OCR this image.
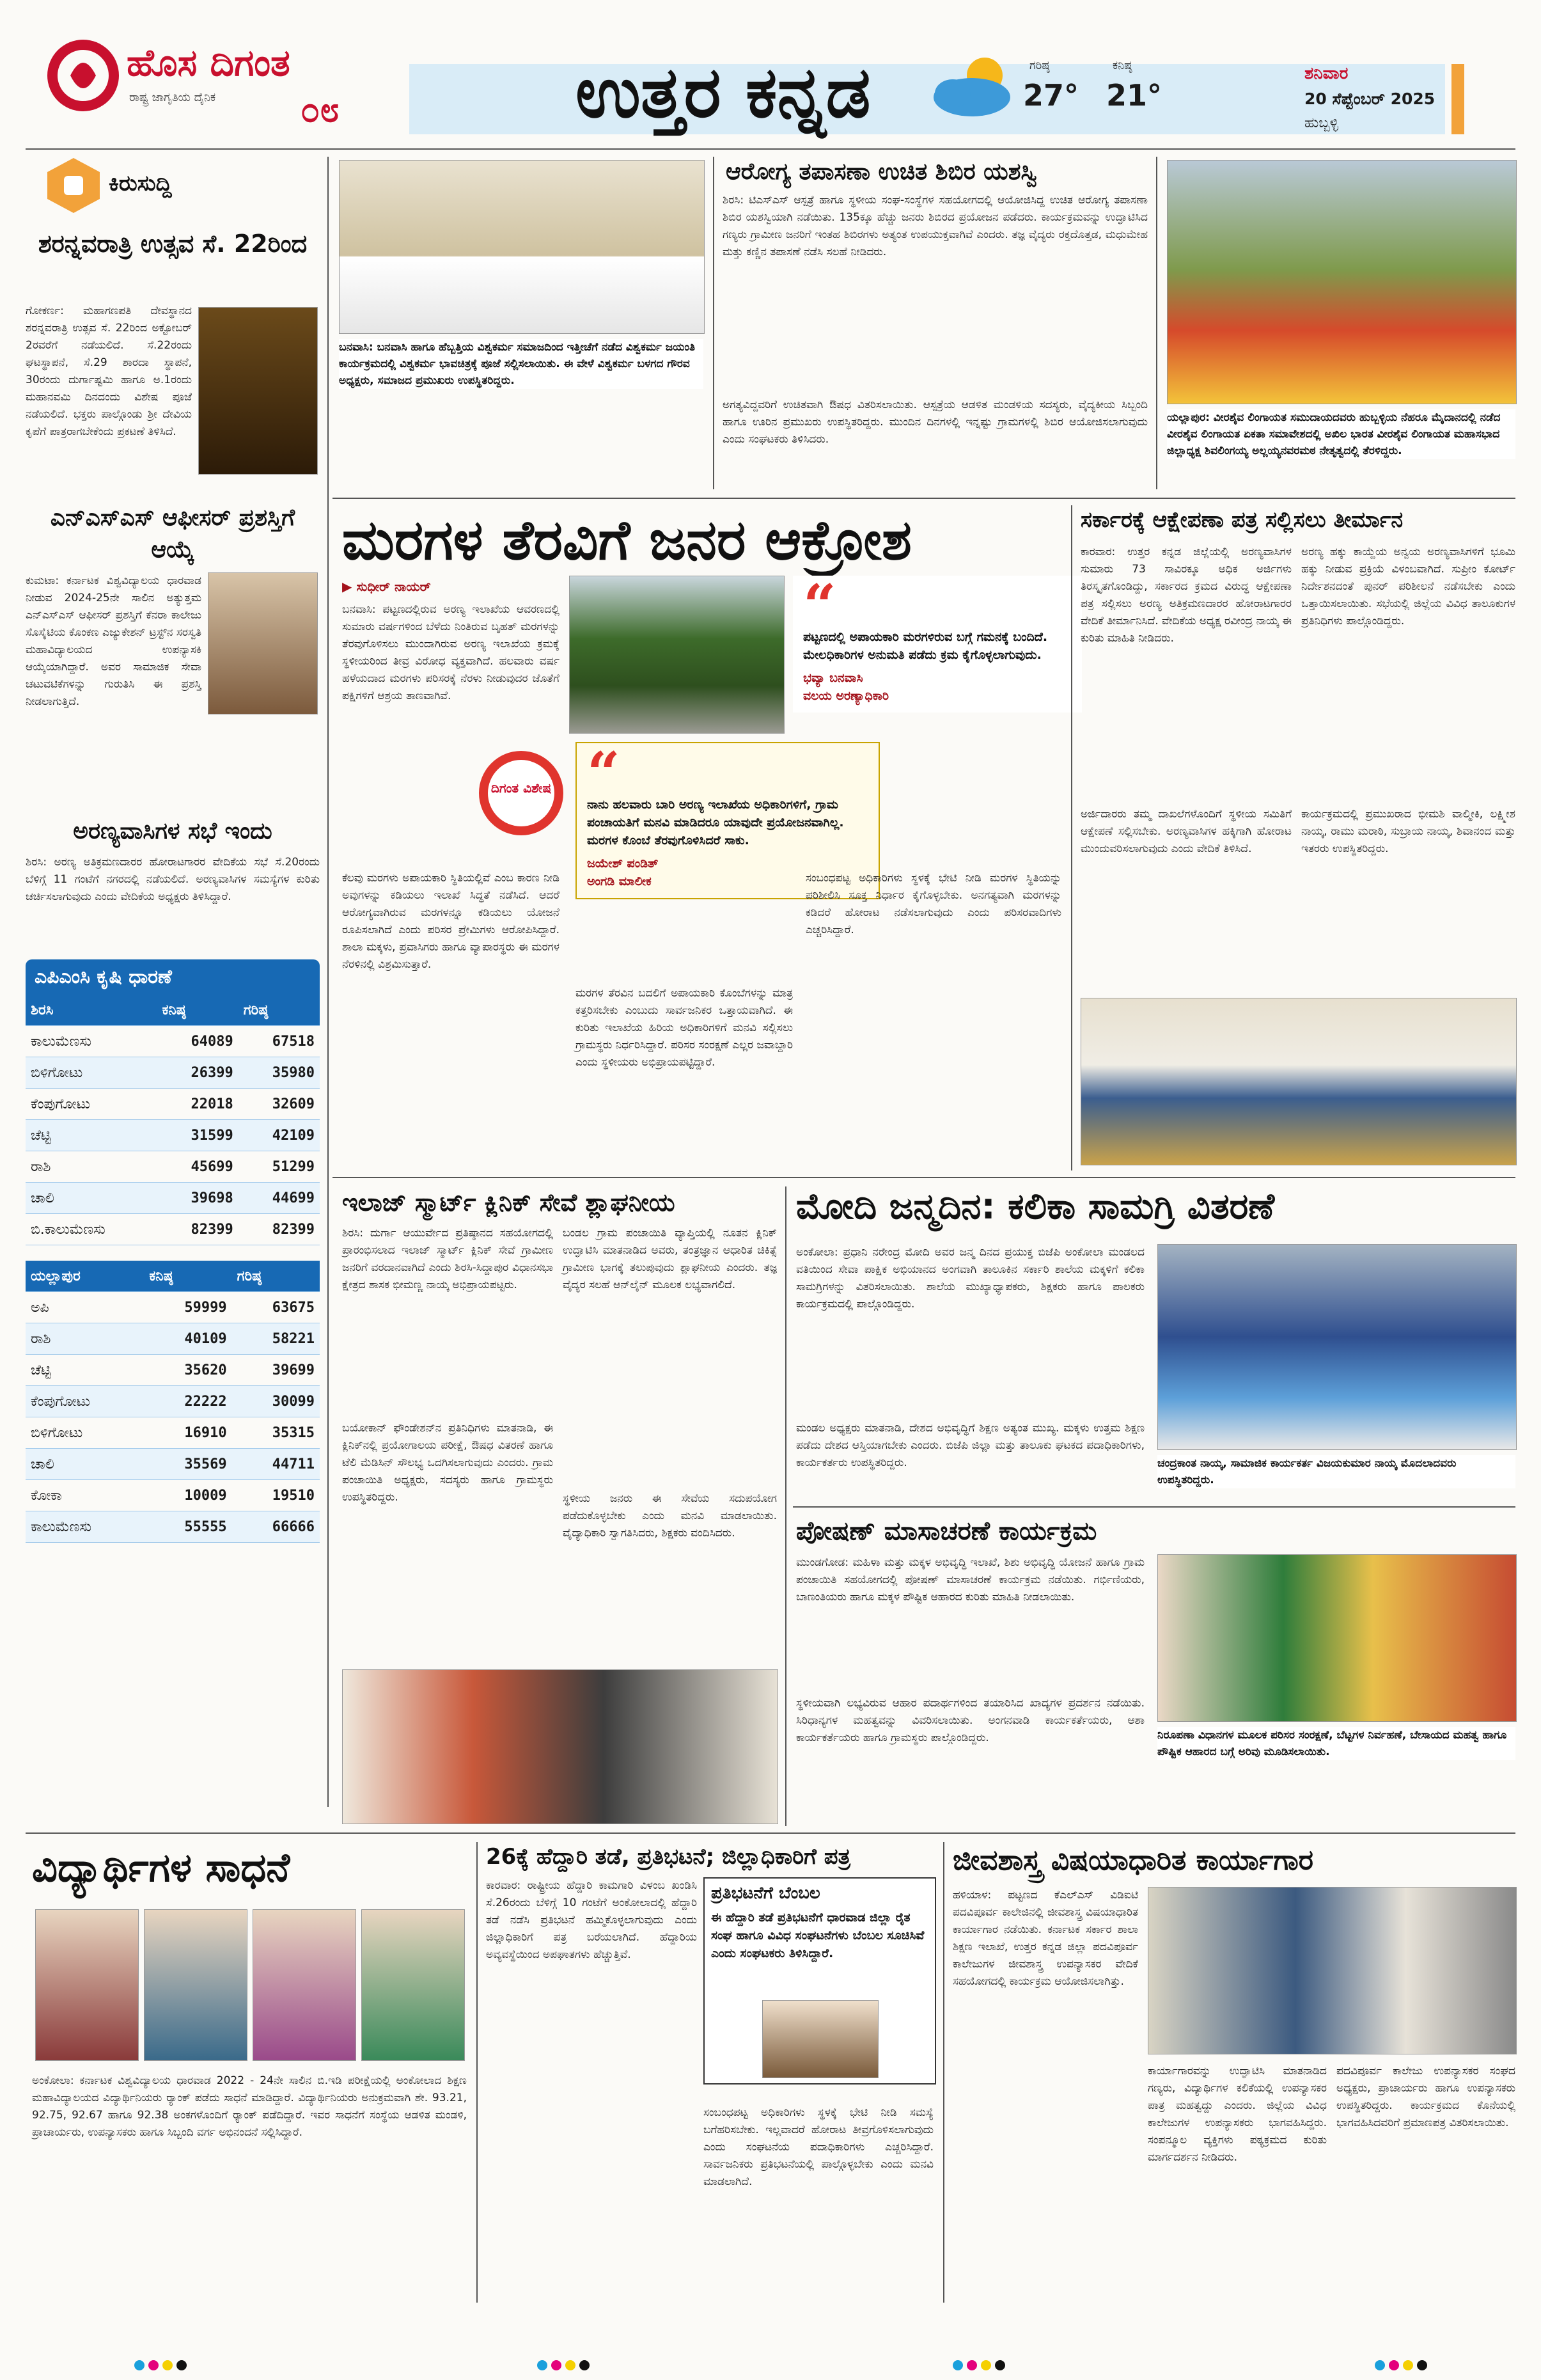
ಹೊಸ ದಿಗಂತ
ರಾಷ್ಟ್ರ ಜಾಗೃತಿಯ ದೈನಿಕ ೦೮	ಉತ್ತರ ಕನ್ನಡ	ಗರಿಷ್ಠ
27°
ಕನಿಷ್ಠ
21°
ಶನಿವಾರ
20 ಸೆಪ್ಟೆಂಬರ್ 2025
ಹುಬ್ಬಳ್ಳಿ
ಕಿರುಸುದ್ದಿ
ಶರನ್ನವರಾತ್ರಿ ಉತ್ಸವ ಸೆ. 22ರಿಂದ
ಗೋಕರ್ಣ: ಮಹಾಗಣಪತಿ ದೇವಸ್ಥಾನದ ಶರನ್ನವರಾತ್ರಿ ಉತ್ಸವ ಸೆ. 22ರಿಂದ ಅಕ್ಟೋಬರ್ 2ರವರೆಗೆ ನಡೆಯಲಿದೆ. ಸೆ.22ರಂದು ಘಟಸ್ಥಾಪನೆ, ಸೆ.29 ಶಾರದಾ ಸ್ಥಾಪನೆ, 30ರಂದು ದುರ್ಗಾಷ್ಟಮಿ ಹಾಗೂ ಅ.1ರಂದು ಮಹಾನವಮಿ ದಿನದಂದು ವಿಶೇಷ ಪೂಜೆ ನಡೆಯಲಿದೆ. ಭಕ್ತರು ಪಾಲ್ಗೊಂಡು ಶ್ರೀ ದೇವಿಯ ಕೃಪೆಗೆ ಪಾತ್ರರಾಗಬೇಕೆಂದು ಪ್ರಕಟಣೆ ತಿಳಿಸಿದೆ.
ಎನ್‌ಎಸ್‌ಎಸ್ ಆಫೀಸರ್ ಪ್ರಶಸ್ತಿಗೆ ಆಯ್ಕೆ
ಕುಮಟಾ: ಕರ್ನಾಟಕ ವಿಶ್ವವಿದ್ಯಾಲಯ ಧಾರವಾಡ ನೀಡುವ 2024-25ನೇ ಸಾಲಿನ ಅತ್ಯುತ್ತಮ ಎನ್‌ಎಸ್‌ಎಸ್ ಆಫೀಸರ್ ಪ್ರಶಸ್ತಿಗೆ ಕೆನರಾ ಕಾಲೇಜು ಸೊಸೈಟಿಯ ಕೊಂಕಣ ಎಜ್ಯುಕೇಶನ್ ಟ್ರಸ್ಟ್‌ನ ಸರಸ್ವತಿ ಮಹಾವಿದ್ಯಾಲಯದ ಉಪನ್ಯಾಸಕಿ ಆಯ್ಕೆಯಾಗಿದ್ದಾರೆ. ಅವರ ಸಾಮಾಜಿಕ ಸೇವಾ ಚಟುವಟಿಕೆಗಳನ್ನು ಗುರುತಿಸಿ ಈ ಪ್ರಶಸ್ತಿ ನೀಡಲಾಗುತ್ತಿದೆ.
ಅರಣ್ಯವಾಸಿಗಳ ಸಭೆ ಇಂದು
ಶಿರಸಿ: ಅರಣ್ಯ ಅತಿಕ್ರಮಣದಾರರ ಹೋರಾಟಗಾರರ ವೇದಿಕೆಯ ಸಭೆ ಸೆ.20ರಂದು ಬೆಳಿಗ್ಗೆ 11 ಗಂಟೆಗೆ ನಗರದಲ್ಲಿ ನಡೆಯಲಿದೆ. ಅರಣ್ಯವಾಸಿಗಳ ಸಮಸ್ಯೆಗಳ ಕುರಿತು ಚರ್ಚಿಸಲಾಗುವುದು ಎಂದು ವೇದಿಕೆಯ ಅಧ್ಯಕ್ಷರು ತಿಳಿಸಿದ್ದಾರೆ.
ಎಪಿಎಂಸಿ ಕೃಷಿ ಧಾರಣೆ
ಶಿರಸಿ	ಕನಿಷ್ಠ	ಗರಿಷ್ಠ
ಕಾಲುಮೆಣಸು	64089	67518
ಬಿಳಿಗೋಟು	26399	35980
ಕೆಂಪುಗೋಟು	22018	32609
ಚೆಟ್ಟಿ	31599	42109
ರಾಶಿ	45699	51299
ಚಾಲಿ	39698	44699
ಬಿ.ಕಾಲುಮೆಣಸು	82399	82399
ಯಲ್ಲಾಪುರ	ಕನಿಷ್ಠ	ಗರಿಷ್ಠ
ಅಪಿ	59999	63675
ರಾಶಿ	40109	58221
ಚೆಟ್ಟಿ	35620	39699
ಕೆಂಪುಗೋಟು	22222	30099
ಬಿಳಿಗೋಟು	16910	35315
ಚಾಲಿ	35569	44711
ಕೋಕಾ	10009	19510
ಕಾಲುಮೆಣಸು	55555	66666
ಬನವಾಸಿ: ಬನವಾಸಿ ಹಾಗೂ ಹೆಬ್ಬತ್ತಿಯ ವಿಶ್ವಕರ್ಮ ಸಮಾಜದಿಂದ ಇತ್ತೀಚೆಗೆ ನಡೆದ ವಿಶ್ವಕರ್ಮ ಜಯಂತಿ ಕಾರ್ಯಕ್ರಮದಲ್ಲಿ ವಿಶ್ವಕರ್ಮ ಭಾವಚಿತ್ರಕ್ಕೆ ಪೂಜೆ ಸಲ್ಲಿಸಲಾಯಿತು. ಈ ವೇಳೆ ವಿಶ್ವಕರ್ಮ ಬಳಗದ ಗೌರವ ಅಧ್ಯಕ್ಷರು, ಸಮಾಜದ ಪ್ರಮುಖರು ಉಪಸ್ಥಿತರಿದ್ದರು.
ಆರೋಗ್ಯ ತಪಾಸಣಾ ಉಚಿತ ಶಿಬಿರ ಯಶಸ್ವಿ
ಶಿರಸಿ: ಟಿಎಸ್‌ಎಸ್ ಆಸ್ಪತ್ರೆ ಹಾಗೂ ಸ್ಥಳೀಯ ಸಂಘ-ಸಂಸ್ಥೆಗಳ ಸಹಯೋಗದಲ್ಲಿ ಆಯೋಜಿಸಿದ್ದ ಉಚಿತ ಆರೋಗ್ಯ ತಪಾಸಣಾ ಶಿಬಿರ ಯಶಸ್ವಿಯಾಗಿ ನಡೆಯಿತು. 135ಕ್ಕೂ ಹೆಚ್ಚು ಜನರು ಶಿಬಿರದ ಪ್ರಯೋಜನ ಪಡೆದರು. ಕಾರ್ಯಕ್ರಮವನ್ನು ಉದ್ಘಾಟಿಸಿದ ಗಣ್ಯರು ಗ್ರಾಮೀಣ ಜನರಿಗೆ ಇಂತಹ ಶಿಬಿರಗಳು ಅತ್ಯಂತ ಉಪಯುಕ್ತವಾಗಿವೆ ಎಂದರು. ತಜ್ಞ ವೈದ್ಯರು ರಕ್ತದೊತ್ತಡ, ಮಧುಮೇಹ ಮತ್ತು ಕಣ್ಣಿನ ತಪಾಸಣೆ ನಡೆಸಿ ಸಲಹೆ ನೀಡಿದರು.
ಅಗತ್ಯವಿದ್ದವರಿಗೆ ಉಚಿತವಾಗಿ ಔಷಧ ವಿತರಿಸಲಾಯಿತು. ಆಸ್ಪತ್ರೆಯ ಆಡಳಿತ ಮಂಡಳಿಯ ಸದಸ್ಯರು, ವೈದ್ಯಕೀಯ ಸಿಬ್ಬಂದಿ ಹಾಗೂ ಊರಿನ ಪ್ರಮುಖರು ಉಪಸ್ಥಿತರಿದ್ದರು. ಮುಂದಿನ ದಿನಗಳಲ್ಲಿ ಇನ್ನಷ್ಟು ಗ್ರಾಮಗಳಲ್ಲಿ ಶಿಬಿರ ಆಯೋಜಿಸಲಾಗುವುದು ಎಂದು ಸಂಘಟಕರು ತಿಳಿಸಿದರು.
ಯಲ್ಲಾಪುರ: ವೀರಶೈವ ಲಿಂಗಾಯತ ಸಮುದಾಯದವರು ಹುಬ್ಬಳ್ಳಿಯ ನೆಹರೂ ಮೈದಾನದಲ್ಲಿ ನಡೆದ ವೀರಶೈವ ಲಿಂಗಾಯತ ಏಕತಾ ಸಮಾವೇಶದಲ್ಲಿ ಅಖಿಲ ಭಾರತ ವೀರಶೈವ ಲಿಂಗಾಯತ ಮಹಾಸಭಾದ ಜಿಲ್ಲಾಧ್ಯಕ್ಷ ಶಿವಲಿಂಗಯ್ಯ ಅಲ್ಲಯ್ಯನವರಮಠ ನೇತೃತ್ವದಲ್ಲಿ ತೆರಳಿದ್ದರು.
ಮರಗಳ ತೆರವಿಗೆ ಜನರ ಆಕ್ರೋಶ
▶ ಸುಧೀರ್ ನಾಯರ್
ಬನವಾಸಿ: ಪಟ್ಟಣದಲ್ಲಿರುವ ಅರಣ್ಯ ಇಲಾಖೆಯ ಆವರಣದಲ್ಲಿ ಸುಮಾರು ವರ್ಷಗಳಿಂದ ಬೆಳೆದು ನಿಂತಿರುವ ಬೃಹತ್ ಮರಗಳನ್ನು ತೆರವುಗೊಳಿಸಲು ಮುಂದಾಗಿರುವ ಅರಣ್ಯ ಇಲಾಖೆಯ ಕ್ರಮಕ್ಕೆ ಸ್ಥಳೀಯರಿಂದ ತೀವ್ರ ವಿರೋಧ ವ್ಯಕ್ತವಾಗಿದೆ. ಹಲವಾರು ವರ್ಷ ಹಳೆಯದಾದ ಮರಗಳು ಪರಿಸರಕ್ಕೆ ನೆರಳು ನೀಡುವುದರ ಜೊತೆಗೆ ಪಕ್ಷಿಗಳಿಗೆ ಆಶ್ರಯ ತಾಣವಾಗಿವೆ.
ದಿಗಂತ ವಿಶೇಷ “
ನಾನು ಹಲವಾರು ಬಾರಿ ಅರಣ್ಯ ಇಲಾಖೆಯ ಅಧಿಕಾರಿಗಳಿಗೆ, ಗ್ರಾಮ ಪಂಚಾಯತಿಗೆ ಮನವಿ ಮಾಡಿದರೂ ಯಾವುದೇ ಪ್ರಯೋಜನವಾಗಿಲ್ಲ. ಮರಗಳ ಕೊಂಬೆ ತೆರವುಗೊಳಿಸಿದರೆ ಸಾಕು.
ಜಯೇಶ್ ಪಂಡಿತ್
ಅಂಗಡಿ ಮಾಲೀಕ
“
ಪಟ್ಟಣದಲ್ಲಿ ಅಪಾಯಕಾರಿ ಮರಗಳಿರುವ ಬಗ್ಗೆ ಗಮನಕ್ಕೆ ಬಂದಿದೆ. ಮೇಲಧಿಕಾರಿಗಳ ಅನುಮತಿ ಪಡೆದು ಕ್ರಮ ಕೈಗೊಳ್ಳಲಾಗುವುದು.
ಭವ್ಯಾ ಬನವಾಸಿ
ವಲಯ ಅರಣ್ಯಾಧಿಕಾರಿ
ಕೆಲವು ಮರಗಳು ಅಪಾಯಕಾರಿ ಸ್ಥಿತಿಯಲ್ಲಿವೆ ಎಂಬ ಕಾರಣ ನೀಡಿ ಅವುಗಳನ್ನು ಕಡಿಯಲು ಇಲಾಖೆ ಸಿದ್ಧತೆ ನಡೆಸಿದೆ. ಆದರೆ ಆರೋಗ್ಯವಾಗಿರುವ ಮರಗಳನ್ನೂ ಕಡಿಯಲು ಯೋಜನೆ ರೂಪಿಸಲಾಗಿದೆ ಎಂದು ಪರಿಸರ ಪ್ರೇಮಿಗಳು ಆರೋಪಿಸಿದ್ದಾರೆ. ಶಾಲಾ ಮಕ್ಕಳು, ಪ್ರವಾಸಿಗರು ಹಾಗೂ ವ್ಯಾಪಾರಸ್ಥರು ಈ ಮರಗಳ ನೆರಳಿನಲ್ಲಿ ವಿಶ್ರಮಿಸುತ್ತಾರೆ.
ಮರಗಳ ತೆರವಿನ ಬದಲಿಗೆ ಅಪಾಯಕಾರಿ ಕೊಂಬೆಗಳನ್ನು ಮಾತ್ರ ಕತ್ತರಿಸಬೇಕು ಎಂಬುದು ಸಾರ್ವಜನಿಕರ ಒತ್ತಾಯವಾಗಿದೆ. ಈ ಕುರಿತು ಇಲಾಖೆಯ ಹಿರಿಯ ಅಧಿಕಾರಿಗಳಿಗೆ ಮನವಿ ಸಲ್ಲಿಸಲು ಗ್ರಾಮಸ್ಥರು ನಿರ್ಧರಿಸಿದ್ದಾರೆ. ಪರಿಸರ ಸಂರಕ್ಷಣೆ ಎಲ್ಲರ ಜವಾಬ್ದಾರಿ ಎಂದು ಸ್ಥಳೀಯರು ಅಭಿಪ್ರಾಯಪಟ್ಟಿದ್ದಾರೆ.
ಸಂಬಂಧಪಟ್ಟ ಅಧಿಕಾರಿಗಳು ಸ್ಥಳಕ್ಕೆ ಭೇಟಿ ನೀಡಿ ಮರಗಳ ಸ್ಥಿತಿಯನ್ನು ಪರಿಶೀಲಿಸಿ ಸೂಕ್ತ ನಿರ್ಧಾರ ಕೈಗೊಳ್ಳಬೇಕು. ಅನಗತ್ಯವಾಗಿ ಮರಗಳನ್ನು ಕಡಿದರೆ ಹೋರಾಟ ನಡೆಸಲಾಗುವುದು ಎಂದು ಪರಿಸರವಾದಿಗಳು ಎಚ್ಚರಿಸಿದ್ದಾರೆ.
ಸರ್ಕಾರಕ್ಕೆ ಆಕ್ಷೇಪಣಾ ಪತ್ರ ಸಲ್ಲಿಸಲು ತೀರ್ಮಾನ
ಕಾರವಾರ: ಉತ್ತರ ಕನ್ನಡ ಜಿಲ್ಲೆಯಲ್ಲಿ ಅರಣ್ಯವಾಸಿಗಳ ಸುಮಾರು 73 ಸಾವಿರಕ್ಕೂ ಅಧಿಕ ಅರ್ಜಿಗಳು ತಿರಸ್ಕೃತಗೊಂಡಿದ್ದು, ಸರ್ಕಾರದ ಕ್ರಮದ ವಿರುದ್ಧ ಆಕ್ಷೇಪಣಾ ಪತ್ರ ಸಲ್ಲಿಸಲು ಅರಣ್ಯ ಅತಿಕ್ರಮಣದಾರರ ಹೋರಾಟಗಾರರ ವೇದಿಕೆ ತೀರ್ಮಾನಿಸಿದೆ. ವೇದಿಕೆಯ ಅಧ್ಯಕ್ಷ ರವೀಂದ್ರ ನಾಯ್ಕ ಈ ಕುರಿತು ಮಾಹಿತಿ ನೀಡಿದರು.
ಅರಣ್ಯ ಹಕ್ಕು ಕಾಯ್ದೆಯ ಅನ್ವಯ ಅರಣ್ಯವಾಸಿಗಳಿಗೆ ಭೂಮಿ ಹಕ್ಕು ನೀಡುವ ಪ್ರಕ್ರಿಯೆ ವಿಳಂಬವಾಗಿದೆ. ಸುಪ್ರೀಂ ಕೋರ್ಟ್ ನಿರ್ದೇಶನದಂತೆ ಪುನರ್ ಪರಿಶೀಲನೆ ನಡೆಸಬೇಕು ಎಂದು ಒತ್ತಾಯಿಸಲಾಯಿತು. ಸಭೆಯಲ್ಲಿ ಜಿಲ್ಲೆಯ ವಿವಿಧ ತಾಲೂಕುಗಳ ಪ್ರತಿನಿಧಿಗಳು ಪಾಲ್ಗೊಂಡಿದ್ದರು.
ಅರ್ಜಿದಾರರು ತಮ್ಮ ದಾಖಲೆಗಳೊಂದಿಗೆ ಸ್ಥಳೀಯ ಸಮಿತಿಗೆ ಆಕ್ಷೇಪಣೆ ಸಲ್ಲಿಸಬೇಕು. ಅರಣ್ಯವಾಸಿಗಳ ಹಕ್ಕಿಗಾಗಿ ಹೋರಾಟ ಮುಂದುವರಿಸಲಾಗುವುದು ಎಂದು ವೇದಿಕೆ ತಿಳಿಸಿದೆ.
ಕಾರ್ಯಕ್ರಮದಲ್ಲಿ ಪ್ರಮುಖರಾದ ಭೀಮಶಿ ವಾಲ್ಮೀಕಿ, ಲಕ್ಷ್ಮೀಶ ನಾಯ್ಕ, ರಾಮು ಮರಾಠಿ, ಸುಬ್ರಾಯ ನಾಯ್ಕ, ಶಿವಾನಂದ ಮತ್ತು ಇತರರು ಉಪಸ್ಥಿತರಿದ್ದರು.
ಇಲಾಜ್ ಸ್ಮಾರ್ಟ್ ಕ್ಲಿನಿಕ್ ಸೇವೆ ಶ್ಲಾಘನೀಯ
ಶಿರಸಿ: ದುರ್ಗಾ ಆಯುರ್ವೇದ ಪ್ರತಿಷ್ಠಾನದ ಸಹಯೋಗದಲ್ಲಿ ಪ್ರಾರಂಭಿಸಲಾದ ಇಲಾಜ್ ಸ್ಮಾರ್ಟ್ ಕ್ಲಿನಿಕ್ ಸೇವೆ ಗ್ರಾಮೀಣ ಜನರಿಗೆ ವರದಾನವಾಗಿದೆ ಎಂದು ಶಿರಸಿ-ಸಿದ್ದಾಪುರ ವಿಧಾನಸಭಾ ಕ್ಷೇತ್ರದ ಶಾಸಕ ಭೀಮಣ್ಣ ನಾಯ್ಕ ಅಭಿಪ್ರಾಯಪಟ್ಟರು.
ಬಂಡಲ ಗ್ರಾಮ ಪಂಚಾಯಿತಿ ವ್ಯಾಪ್ತಿಯಲ್ಲಿ ನೂತನ ಕ್ಲಿನಿಕ್ ಉದ್ಘಾಟಿಸಿ ಮಾತನಾಡಿದ ಅವರು, ತಂತ್ರಜ್ಞಾನ ಆಧಾರಿತ ಚಿಕಿತ್ಸೆ ಗ್ರಾಮೀಣ ಭಾಗಕ್ಕೆ ತಲುಪುವುದು ಶ್ಲಾಘನೀಯ ಎಂದರು. ತಜ್ಞ ವೈದ್ಯರ ಸಲಹೆ ಆನ್‌ಲೈನ್ ಮೂಲಕ ಲಭ್ಯವಾಗಲಿದೆ.
ಬಯೋಕಾನ್ ಫೌಂಡೇಶನ್‌ನ ಪ್ರತಿನಿಧಿಗಳು ಮಾತನಾಡಿ, ಈ ಕ್ಲಿನಿಕ್‌ನಲ್ಲಿ ಪ್ರಯೋಗಾಲಯ ಪರೀಕ್ಷೆ, ಔಷಧ ವಿತರಣೆ ಹಾಗೂ ಟೆಲಿ ಮೆಡಿಸಿನ್ ಸೌಲಭ್ಯ ಒದಗಿಸಲಾಗುವುದು ಎಂದರು. ಗ್ರಾಮ ಪಂಚಾಯಿತಿ ಅಧ್ಯಕ್ಷರು, ಸದಸ್ಯರು ಹಾಗೂ ಗ್ರಾಮಸ್ಥರು ಉಪಸ್ಥಿತರಿದ್ದರು.	ಸ್ಥಳೀಯ ಜನರು ಈ ಸೇವೆಯ ಸದುಪಯೋಗ ಪಡೆದುಕೊಳ್ಳಬೇಕು ಎಂದು ಮನವಿ ಮಾಡಲಾಯಿತು. ವೈದ್ಯಾಧಿಕಾರಿ ಸ್ವಾಗತಿಸಿದರು, ಶಿಕ್ಷಕರು ವಂದಿಸಿದರು.
ಮೋದಿ ಜನ್ಮದಿನ: ಕಲಿಕಾ ಸಾಮಗ್ರಿ ವಿತರಣೆ
ಅಂಕೋಲಾ: ಪ್ರಧಾನಿ ನರೇಂದ್ರ ಮೋದಿ ಅವರ ಜನ್ಮ ದಿನದ ಪ್ರಯುಕ್ತ ಬಿಜೆಪಿ ಅಂಕೋಲಾ ಮಂಡಲದ ವತಿಯಿಂದ ಸೇವಾ ಪಾಕ್ಷಿಕ ಅಭಿಯಾನದ ಅಂಗವಾಗಿ ತಾಲೂಕಿನ ಸರ್ಕಾರಿ ಶಾಲೆಯ ಮಕ್ಕಳಿಗೆ ಕಲಿಕಾ ಸಾಮಗ್ರಿಗಳನ್ನು ವಿತರಿಸಲಾಯಿತು. ಶಾಲೆಯ ಮುಖ್ಯಾಧ್ಯಾಪಕರು, ಶಿಕ್ಷಕರು ಹಾಗೂ ಪಾಲಕರು ಕಾರ್ಯಕ್ರಮದಲ್ಲಿ ಪಾಲ್ಗೊಂಡಿದ್ದರು.
ಮಂಡಲ ಅಧ್ಯಕ್ಷರು ಮಾತನಾಡಿ, ದೇಶದ ಅಭಿವೃದ್ಧಿಗೆ ಶಿಕ್ಷಣ ಅತ್ಯಂತ ಮುಖ್ಯ. ಮಕ್ಕಳು ಉತ್ತಮ ಶಿಕ್ಷಣ ಪಡೆದು ದೇಶದ ಆಸ್ತಿಯಾಗಬೇಕು ಎಂದರು. ಬಿಜೆಪಿ ಜಿಲ್ಲಾ ಮತ್ತು ತಾಲೂಕು ಘಟಕದ ಪದಾಧಿಕಾರಿಗಳು, ಕಾರ್ಯಕರ್ತರು ಉಪಸ್ಥಿತರಿದ್ದರು.	ಚಂದ್ರಕಾಂತ ನಾಯ್ಕ, ಸಾಮಾಜಿಕ ಕಾರ್ಯಕರ್ತ ವಿಜಯಕುಮಾರ ನಾಯ್ಕ ಮೊದಲಾದವರು ಉಪಸ್ಥಿತರಿದ್ದರು.
ಪೋಷಣ್ ಮಾಸಾಚರಣೆ ಕಾರ್ಯಕ್ರಮ
ಮುಂಡಗೋಡ: ಮಹಿಳಾ ಮತ್ತು ಮಕ್ಕಳ ಅಭಿವೃದ್ಧಿ ಇಲಾಖೆ, ಶಿಶು ಅಭಿವೃದ್ಧಿ ಯೋಜನೆ ಹಾಗೂ ಗ್ರಾಮ ಪಂಚಾಯಿತಿ ಸಹಯೋಗದಲ್ಲಿ ಪೋಷಣ್ ಮಾಸಾಚರಣೆ ಕಾರ್ಯಕ್ರಮ ನಡೆಯಿತು. ಗರ್ಭಿಣಿಯರು, ಬಾಣಂತಿಯರು ಹಾಗೂ ಮಕ್ಕಳ ಪೌಷ್ಟಿಕ ಆಹಾರದ ಕುರಿತು ಮಾಹಿತಿ ನೀಡಲಾಯಿತು.
ಸ್ಥಳೀಯವಾಗಿ ಲಭ್ಯವಿರುವ ಆಹಾರ ಪದಾರ್ಥಗಳಿಂದ ತಯಾರಿಸಿದ ಖಾದ್ಯಗಳ ಪ್ರದರ್ಶನ ನಡೆಯಿತು. ಸಿರಿಧಾನ್ಯಗಳ ಮಹತ್ವವನ್ನು ವಿವರಿಸಲಾಯಿತು. ಅಂಗನವಾಡಿ ಕಾರ್ಯಕರ್ತೆಯರು, ಆಶಾ ಕಾರ್ಯಕರ್ತೆಯರು ಹಾಗೂ ಗ್ರಾಮಸ್ಥರು ಪಾಲ್ಗೊಂಡಿದ್ದರು.	ನಿರೂಪಣಾ ವಿಧಾನಗಳ ಮೂಲಕ ಪರಿಸರ ಸಂರಕ್ಷಣೆ, ಬೆಟ್ಟಗಳ ನಿರ್ವಹಣೆ, ಬೇಸಾಯದ ಮಹತ್ವ ಹಾಗೂ ಪೌಷ್ಟಿಕ ಆಹಾರದ ಬಗ್ಗೆ ಅರಿವು ಮೂಡಿಸಲಾಯಿತು.
ವಿದ್ಯಾರ್ಥಿಗಳ ಸಾಧನೆ
ಅಂಕೋಲಾ: ಕರ್ನಾಟಕ ವಿಶ್ವವಿದ್ಯಾಲಯ ಧಾರವಾಡ 2022 - 24ನೇ ಸಾಲಿನ ಬಿ.ಇಡಿ ಪರೀಕ್ಷೆಯಲ್ಲಿ ಅಂಕೋಲಾದ ಶಿಕ್ಷಣ ಮಹಾವಿದ್ಯಾಲಯದ ವಿದ್ಯಾರ್ಥಿನಿಯರು ರ‍್ಯಾಂಕ್ ಪಡೆದು ಸಾಧನೆ ಮಾಡಿದ್ದಾರೆ. ವಿದ್ಯಾರ್ಥಿನಿಯರು ಅನುಕ್ರಮವಾಗಿ ಶೇ. 93.21, 92.75, 92.67 ಹಾಗೂ 92.38 ಅಂಕಗಳೊಂದಿಗೆ ರ‍್ಯಾಂಕ್ ಪಡೆದಿದ್ದಾರೆ. ಇವರ ಸಾಧನೆಗೆ ಸಂಸ್ಥೆಯ ಆಡಳಿತ ಮಂಡಳಿ, ಪ್ರಾಚಾರ್ಯರು, ಉಪನ್ಯಾಸಕರು ಹಾಗೂ ಸಿಬ್ಬಂದಿ ವರ್ಗ ಅಭಿನಂದನೆ ಸಲ್ಲಿಸಿದ್ದಾರೆ.
26ಕ್ಕೆ ಹೆದ್ದಾರಿ ತಡೆ, ಪ್ರತಿಭಟನೆ; ಜಿಲ್ಲಾಧಿಕಾರಿಗೆ ಪತ್ರ
ಕಾರವಾರ: ರಾಷ್ಟ್ರೀಯ ಹೆದ್ದಾರಿ ಕಾಮಗಾರಿ ವಿಳಂಬ ಖಂಡಿಸಿ ಸೆ.26ರಂದು ಬೆಳಿಗ್ಗೆ 10 ಗಂಟೆಗೆ ಅಂಕೋಲಾದಲ್ಲಿ ಹೆದ್ದಾರಿ ತಡೆ ನಡೆಸಿ ಪ್ರತಿಭಟನೆ ಹಮ್ಮಿಕೊಳ್ಳಲಾಗುವುದು ಎಂದು ಜಿಲ್ಲಾಧಿಕಾರಿಗೆ ಪತ್ರ ಬರೆಯಲಾಗಿದೆ. ಹೆದ್ದಾರಿಯ ಅವ್ಯವಸ್ಥೆಯಿಂದ ಅಪಘಾತಗಳು ಹೆಚ್ಚುತ್ತಿವೆ.
ಪ್ರತಿಭಟನೆಗೆ ಬೆಂಬಲ
ಈ ಹೆದ್ದಾರಿ ತಡೆ ಪ್ರತಿಭಟನೆಗೆ ಧಾರವಾಡ ಜಿಲ್ಲಾ ರೈತ ಸಂಘ ಹಾಗೂ ವಿವಿಧ ಸಂಘಟನೆಗಳು ಬೆಂಬಲ ಸೂಚಿಸಿವೆ ಎಂದು ಸಂಘಟಕರು ತಿಳಿಸಿದ್ದಾರೆ.
ಸಂಬಂಧಪಟ್ಟ ಅಧಿಕಾರಿಗಳು ಸ್ಥಳಕ್ಕೆ ಭೇಟಿ ನೀಡಿ ಸಮಸ್ಯೆ ಬಗೆಹರಿಸಬೇಕು. ಇಲ್ಲವಾದರೆ ಹೋರಾಟ ತೀವ್ರಗೊಳಿಸಲಾಗುವುದು ಎಂದು ಸಂಘಟನೆಯ ಪದಾಧಿಕಾರಿಗಳು ಎಚ್ಚರಿಸಿದ್ದಾರೆ. ಸಾರ್ವಜನಿಕರು ಪ್ರತಿಭಟನೆಯಲ್ಲಿ ಪಾಲ್ಗೊಳ್ಳಬೇಕು ಎಂದು ಮನವಿ ಮಾಡಲಾಗಿದೆ.
ಜೀವಶಾಸ್ತ್ರ ವಿಷಯಾಧಾರಿತ ಕಾರ್ಯಾಗಾರ
ಹಳಿಯಾಳ: ಪಟ್ಟಣದ ಕೆಎಲ್‌ಎಸ್ ವಿಡಿಐಟಿ ಪದವಿಪೂರ್ವ ಕಾಲೇಜಿನಲ್ಲಿ ಜೀವಶಾಸ್ತ್ರ ವಿಷಯಾಧಾರಿತ ಕಾರ್ಯಾಗಾರ ನಡೆಯಿತು. ಕರ್ನಾಟಕ ಸರ್ಕಾರ ಶಾಲಾ ಶಿಕ್ಷಣ ಇಲಾಖೆ, ಉತ್ತರ ಕನ್ನಡ ಜಿಲ್ಲಾ ಪದವಿಪೂರ್ವ ಕಾಲೇಜುಗಳ ಜೀವಶಾಸ್ತ್ರ ಉಪನ್ಯಾಸಕರ ವೇದಿಕೆ ಸಹಯೋಗದಲ್ಲಿ ಕಾರ್ಯಕ್ರಮ ಆಯೋಜಿಸಲಾಗಿತ್ತು.
ಕಾರ್ಯಾಗಾರವನ್ನು ಉದ್ಘಾಟಿಸಿ ಮಾತನಾಡಿದ ಗಣ್ಯರು, ವಿದ್ಯಾರ್ಥಿಗಳ ಕಲಿಕೆಯಲ್ಲಿ ಉಪನ್ಯಾಸಕರ ಪಾತ್ರ ಮಹತ್ವದ್ದು ಎಂದರು. ಜಿಲ್ಲೆಯ ವಿವಿಧ ಕಾಲೇಜುಗಳ ಉಪನ್ಯಾಸಕರು ಭಾಗವಹಿಸಿದ್ದರು. ಸಂಪನ್ಮೂಲ ವ್ಯಕ್ತಿಗಳು ಪಠ್ಯಕ್ರಮದ ಕುರಿತು ಮಾರ್ಗದರ್ಶನ ನೀಡಿದರು.
ಪದವಿಪೂರ್ವ ಕಾಲೇಜು ಉಪನ್ಯಾಸಕರ ಸಂಘದ ಅಧ್ಯಕ್ಷರು, ಪ್ರಾಚಾರ್ಯರು ಹಾಗೂ ಉಪನ್ಯಾಸಕರು ಉಪಸ್ಥಿತರಿದ್ದರು. ಕಾರ್ಯಕ್ರಮದ ಕೊನೆಯಲ್ಲಿ ಭಾಗವಹಿಸಿದವರಿಗೆ ಪ್ರಮಾಣಪತ್ರ ವಿತರಿಸಲಾಯಿತು.
